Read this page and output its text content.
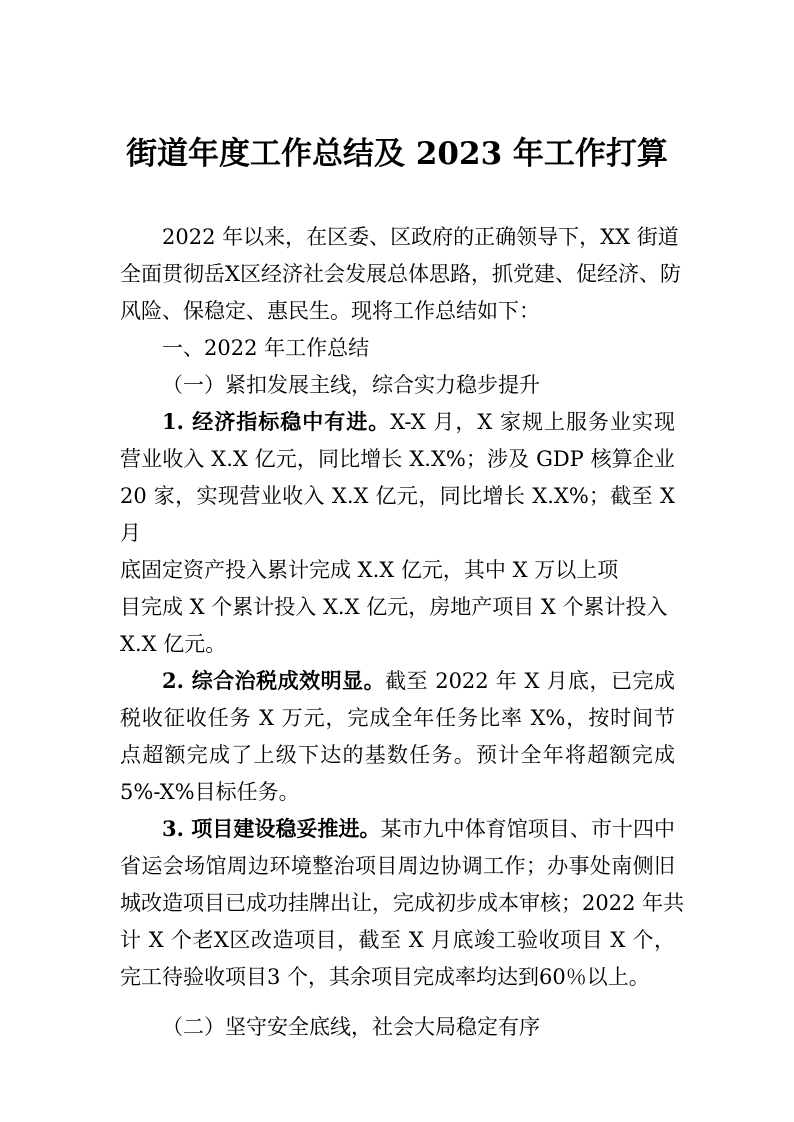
街道年度工作总结及 2023 年工作打算
2022 年以来，在区委、区政府的正确领导下，XX 街道
全面贯彻岳X区经济社会发展总体思路，抓党建、促经济、防
风险、保稳定、惠民生。现将工作总结如下：
一、2022 年工作总结
（一）紧扣发展主线，综合实力稳步提升
1. 经济指标稳中有进。X-X 月，X 家规上服务业实现
营业收入 X.X 亿元，同比增长 X.X%；涉及 GDP 核算企业
20 家，实现营业收入 X.X 亿元，同比增长 X.X%；截至 X
月
底固定资产投入累计完成 X.X 亿元，其中 X 万以上项
目完成 X 个累计投入 X.X 亿元，房地产项目 X 个累计投入
X.X 亿元。
2. 综合治税成效明显。截至 2022 年 X 月底，已完成
税收征收任务 X 万元，完成全年任务比率 X%，按时间节
点超额完成了上级下达的基数任务。预计全年将超额完成
5%-X%目标任务。
3. 项目建设稳妥推进。某市九中体育馆项目、市十四中
省运会场馆周边环境整治项目周边协调工作；办事处南侧旧
城改造项目已成功挂牌出让，完成初步成本审核；2022 年共
计 X 个老X区改造项目，截至 X 月底竣工验收项目 X 个，
完工待验收项目3 个，其余项目完成率均达到60％以上。
（二）坚守安全底线，社会大局稳定有序
